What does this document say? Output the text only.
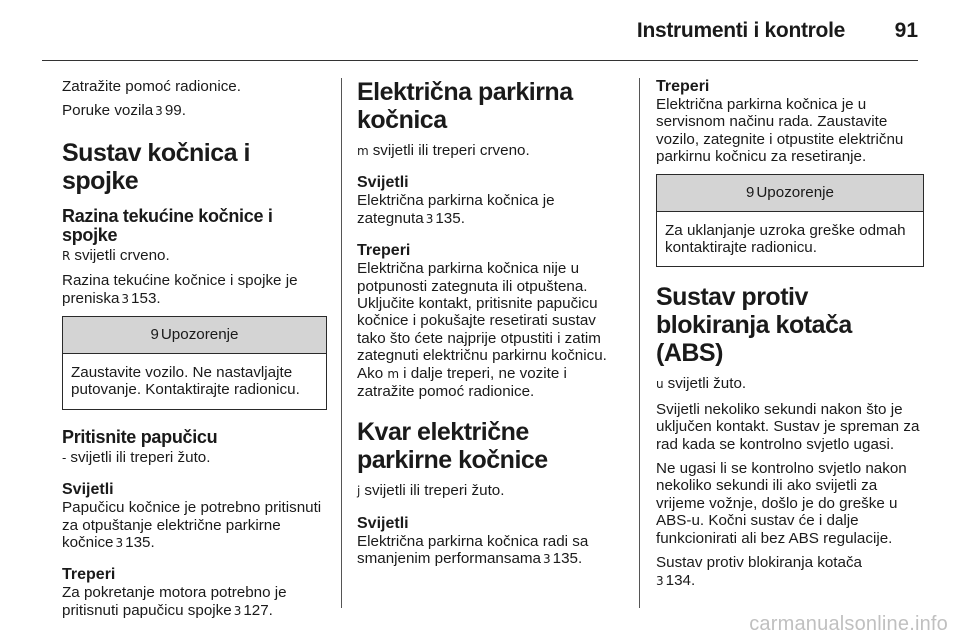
Instrumenti i kontrole 91

Zatražite pomoć radionice.

Poruke vozila 3 99.

Sustav kočnica i spojke
Razina tekućine kočnice i spojke

R svijetli crveno.

Razina tekućine kočnice i spojke je preniska 3 153.

9 Upozorenje
Zaustavite vozilo. Ne nastavljajte putovanje. Kontaktirajte radionicu.
Pritisnite papučicu

- svijetli ili treperi žuto.

Svijetli

Papučicu kočnice je potrebno pritisnuti za otpuštanje električne parkirne kočnice 3 135.

Treperi

Za pokretanje motora potrebno je pritisnuti papučicu spojke 3 127.

Električna parkirna kočnica

m svijetli ili treperi crveno.

Svijetli

Električna parkirna kočnica je zategnuta 3 135.

Treperi

Električna parkirna kočnica nije u potpunosti zategnuta ili otpuštena. Uključite kontakt, pritisnite papučicu kočnice i pokušajte resetirati sustav tako što ćete najprije otpustiti i zatim zategnuti električnu parkirnu kočnicu. Ako m i dalje treperi, ne vozite i zatražite pomoć radionice.

Kvar električne parkirne kočnice

j svijetli ili treperi žuto.

Svijetli

Električna parkirna kočnica radi sa smanjenim performansama 3 135.

Treperi

Električna parkirna kočnica je u servisnom načinu rada. Zaustavite vozilo, zategnite i otpustite električnu parkirnu kočnicu za resetiranje.

9 Upozorenje
Za uklanjanje uzroka greške odmah kontaktirajte radionicu.
Sustav protiv blokiranja kotača (ABS)

u svijetli žuto.

Svijetli nekoliko sekundi nakon što je uključen kontakt. Sustav je spreman za rad kada se kontrolno svjetlo ugasi.

Ne ugasi li se kontrolno svjetlo nakon nekoliko sekundi ili ako svijetli za vrijeme vožnje, došlo je do greške u ABS-u. Kočni sustav će i dalje funkcionirati ali bez ABS regulacije.

Sustav protiv blokiranja kotača
3 134.

carmanualsonline.info
